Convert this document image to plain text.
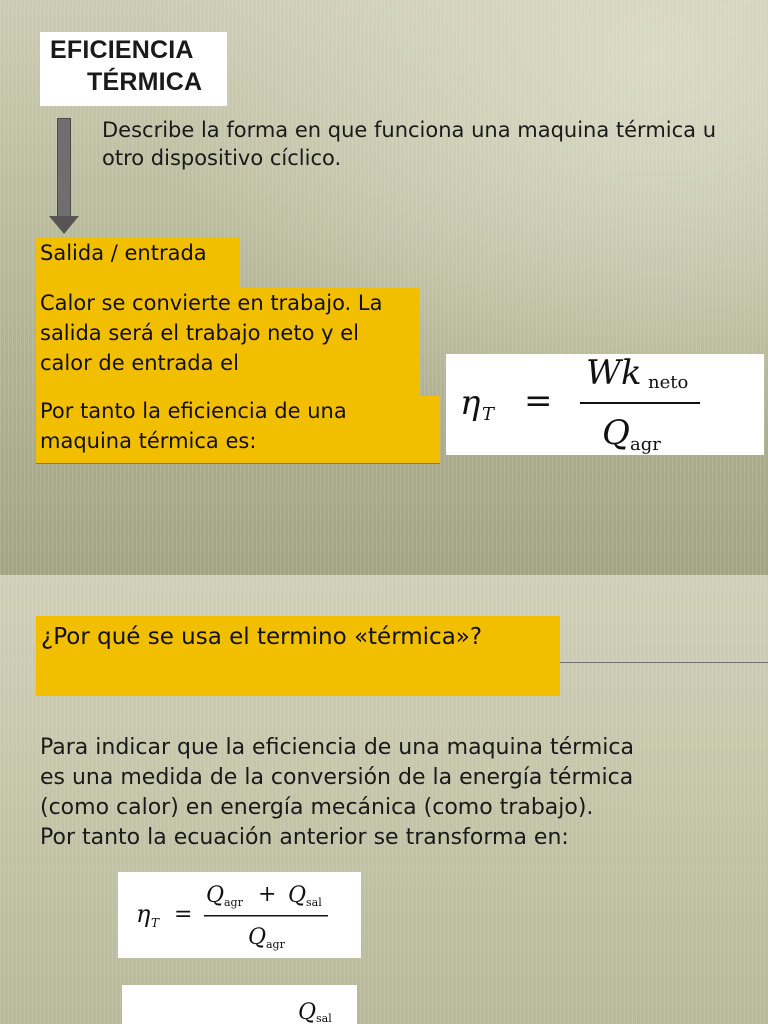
EFICIENCIA
TÉRMICA
Describe la forma en que funciona una maquina térmica u otro dispositivo cíclico.
Salida / entrada
Calor se convierte en trabajo. La salida será el trabajo neto y el calor de entrada el
Por tanto la eficiencia de una maquina térmica es:
η T =
Wk neto
Q agr
¿Por qué se usa el termino «térmica»?
Para indicar que la eficiencia de una maquina térmica
es una medida de la conversión de la energía térmica
(como calor) en energía mecánica (como trabajo).
Por tanto la ecuación anterior se transforma en:
η T =
Q agr + Q sal
Q agr
Q sal
